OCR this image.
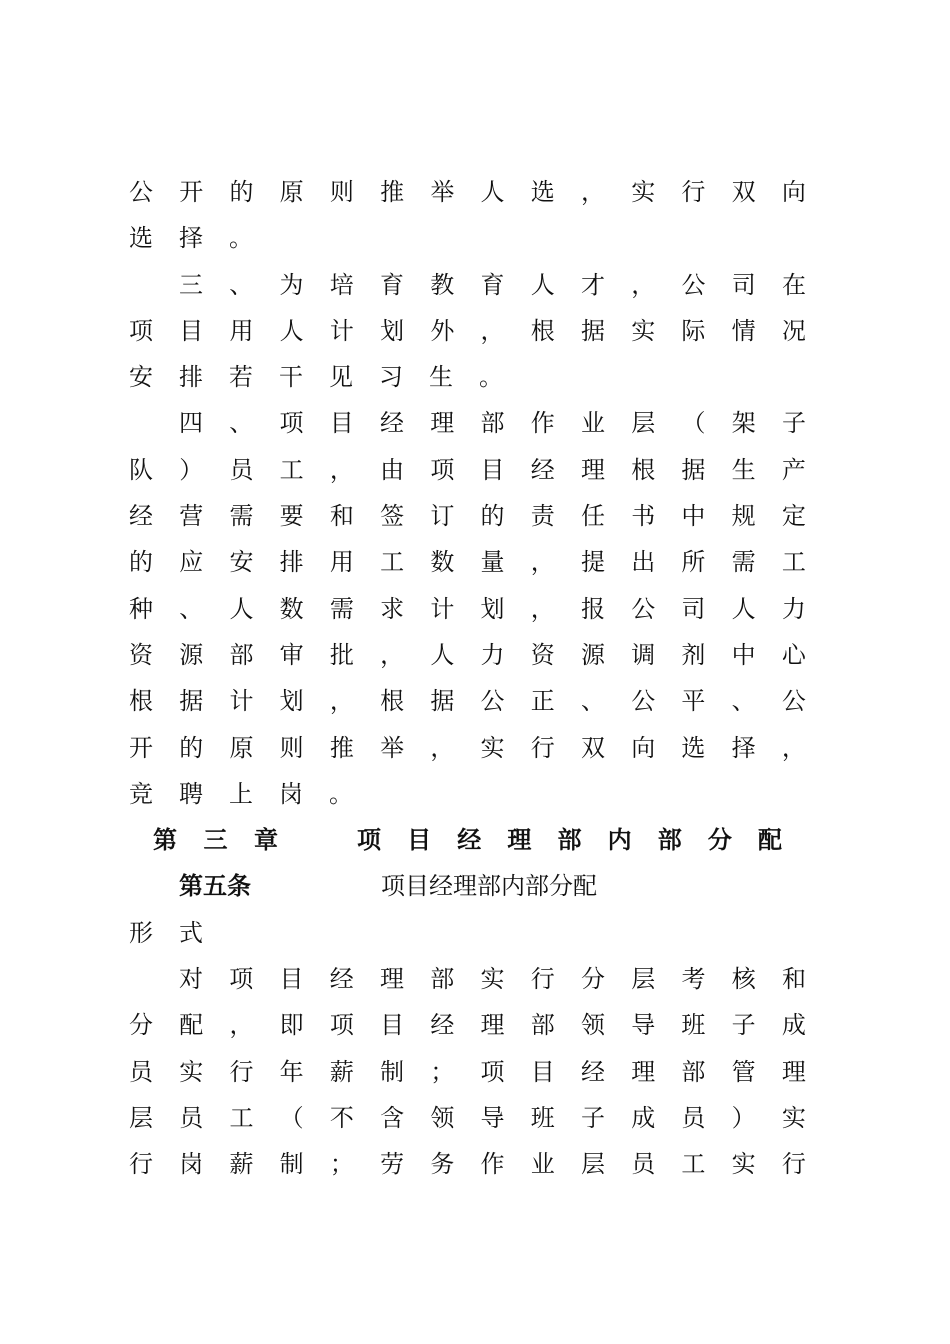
公 开 的 原 则 推 举 人 选 ， 实 行 双 向
选 择 。
三 、 为 培 育 教 育 人 才 ， 公 司 在
项 目 用 人 计 划 外 ， 根 据 实 际 情 况
安 排 若 干 见 习 生 。
四 、 项 目 经 理 部 作 业 层 （ 架 子
队 ） 员 工 ， 由 项 目 经 理 根 据 生 产
经 营 需 要 和 签 订 的 责 任 书 中 规 定
的 应 安 排 用 工 数 量 ， 提 出 所 需 工
种 、 人 数 需 求 计 划 ， 报 公 司 人 力
资 源 部 审 批 ， 人 力 资 源 调 剂 中 心
根 据 计 划 ， 根 据 公 正 、 公 平 、 公
开 的 原 则 推 举 ， 实 行 双 向 选 择 ，
竞 聘 上 岗 。
第 三 章	项 目 经 理 部 内 部 分 配
第五条	项目经理部内部分配
形 式
对 项 目 经 理 部 实 行 分 层 考 核 和
分 配 ， 即 项 目 经 理 部 领 导 班 子 成
员 实 行 年 薪 制 ； 项 目 经 理 部 管 理
层 员 工 （ 不 含 领 导 班 子 成 员 ） 实
行 岗 薪 制 ； 劳 务 作 业 层 员 工 实 行
